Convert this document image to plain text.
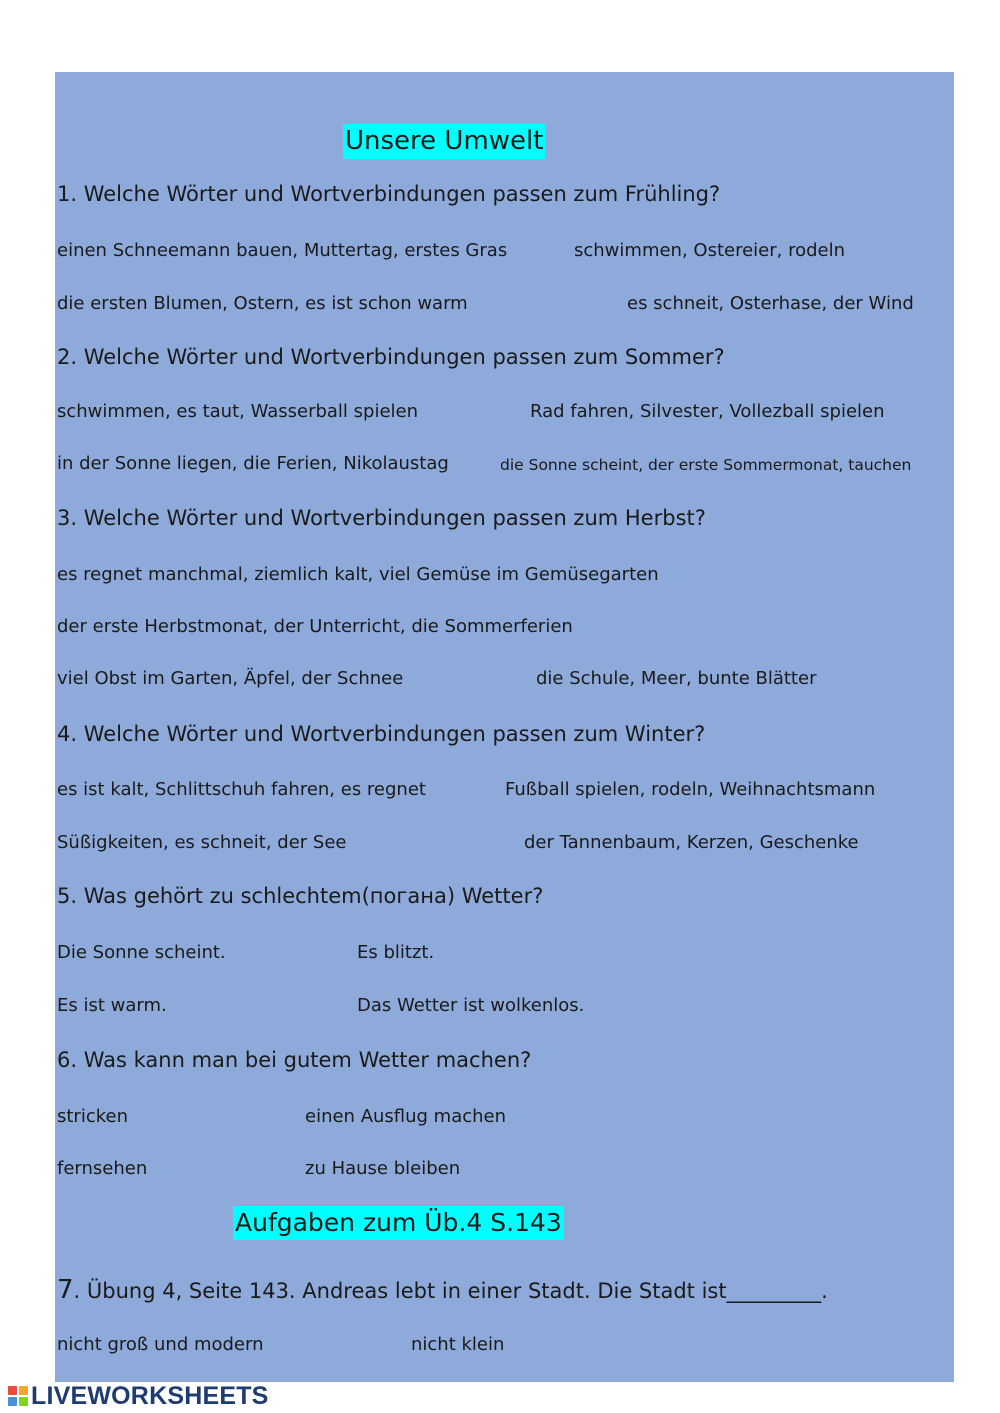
Unsere Umwelt
1. Welche Wörter und Wortverbindungen passen zum Frühling?
einen Schneemann bauen, Muttertag, erstes Gras	schwimmen, Ostereier, rodeln
die ersten Blumen, Ostern, es ist schon warm	es schneit, Osterhase, der Wind
2. Welche Wörter und Wortverbindungen passen zum Sommer?
schwimmen, es taut, Wasserball spielen	Rad fahren, Silvester, Vollezball spielen
in der Sonne liegen, die Ferien, Nikolaustag	die Sonne scheint, der erste Sommermonat, tauchen
3. Welche Wörter und Wortverbindungen passen zum Herbst?
es regnet manchmal, ziemlich kalt, viel Gemüse im Gemüsegarten
der erste Herbstmonat, der Unterricht, die Sommerferien
viel Obst im Garten, Äpfel, der Schnee	die Schule, Meer, bunte Blätter
4. Welche Wörter und Wortverbindungen passen zum Winter?
es ist kalt, Schlittschuh fahren, es regnet	Fußball spielen, rodeln, Weihnachtsmann
Süßigkeiten, es schneit, der See	der Tannenbaum, Kerzen, Geschenke
5. Was gehört zu schlechtem(погана) Wetter?
Die Sonne scheint.	Es blitzt.
Es ist warm.	Das Wetter ist wolkenlos.
6. Was kann man bei gutem Wetter machen?
stricken	einen Ausflug machen
fernsehen	zu Hause bleiben
Aufgaben zum Üb.4 S.143
7. Übung 4, Seite 143. Andreas lebt in einer Stadt. Die Stadt ist_________.
nicht groß und modern	nicht klein
LIVEWORKSHEETS
